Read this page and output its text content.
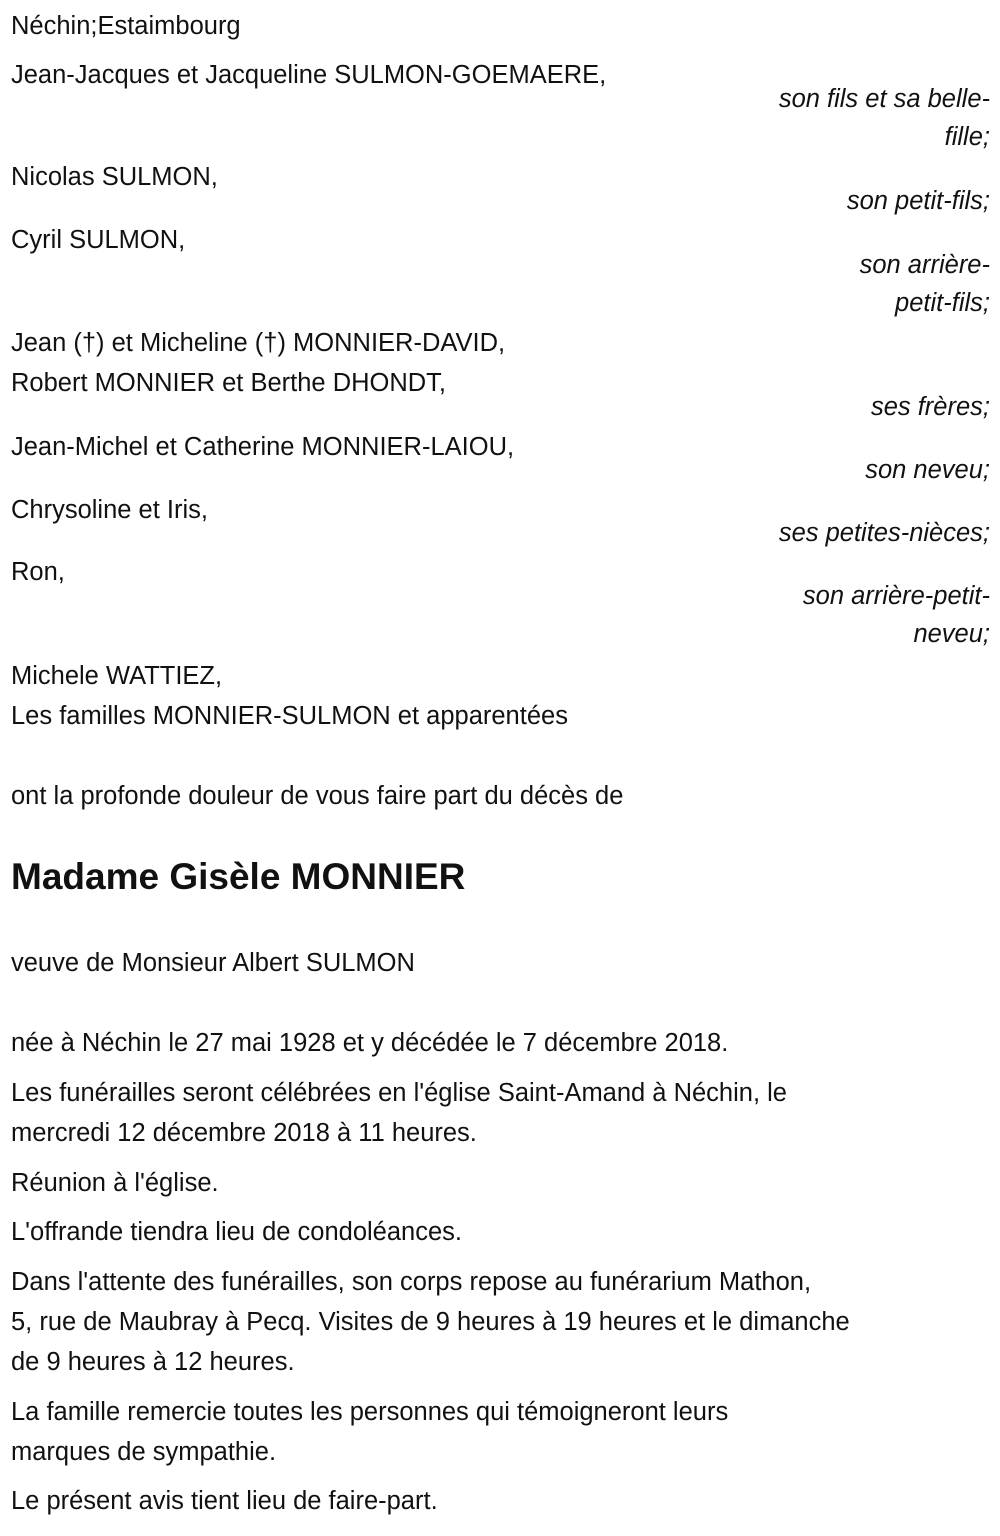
Néchin;Estaimbourg
Jean-Jacques et Jacqueline SULMON-GOEMAERE,
son fils et sa belle-
fille;
Nicolas SULMON,
son petit-fils;
Cyril SULMON,
son arrière-
petit-fils;
Jean (†) et Micheline (†) MONNIER-DAVID,
Robert MONNIER et Berthe DHONDT,
ses frères;
Jean-Michel et Catherine MONNIER-LAIOU,
son neveu;
Chrysoline et Iris,
ses petites-nièces;
Ron,
son arrière-petit-
neveu;
Michele WATTIEZ,
Les familles MONNIER-SULMON et apparentées
ont la profonde douleur de vous faire part du décès de
Madame Gisèle MONNIER
veuve de Monsieur Albert SULMON
née à Néchin le 27 mai 1928 et y décédée le 7 décembre 2018.
Les funérailles seront célébrées en l'église Saint-Amand à Néchin, le
mercredi 12 décembre 2018 à 11 heures.
Réunion à l'église.
L'offrande tiendra lieu de condoléances.
Dans l'attente des funérailles, son corps repose au funérarium Mathon,
5, rue de Maubray à Pecq. Visites de 9 heures à 19 heures et le dimanche
de 9 heures à 12 heures.
La famille remercie toutes les personnes qui témoigneront leurs
marques de sympathie.
Le présent avis tient lieu de faire-part.
